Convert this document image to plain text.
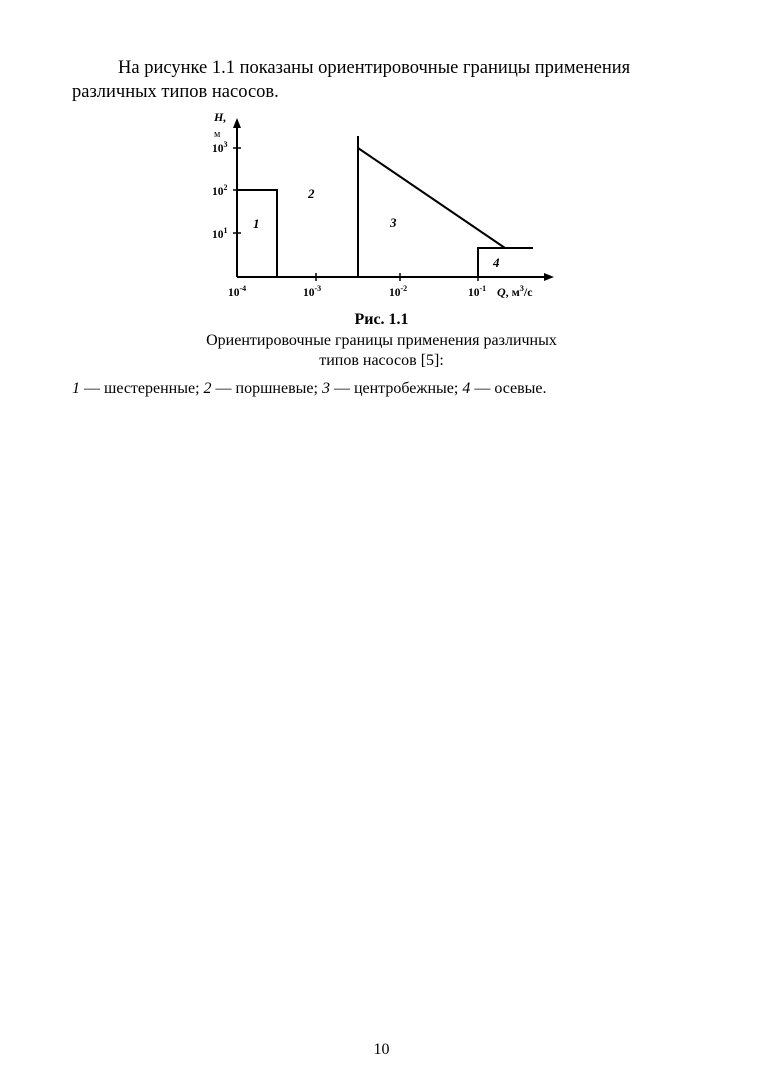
На рисунке 1.1 показаны ориентировочные границы применения различных типов насосов.

H,
м
Q, $м^3/с$
$10^1$
$10^2$
$10^3$
$10^{-4}$	$10^{-3}$	$10^{-2}$	$10^{-1}$
1
2
3
4

Рис. 1.1

Ориентировочные границы применения различных

типов насосов [5]:

1 — шестеренные; 2 — поршневые; 3 — центробежные; 4 — осевые.

10
